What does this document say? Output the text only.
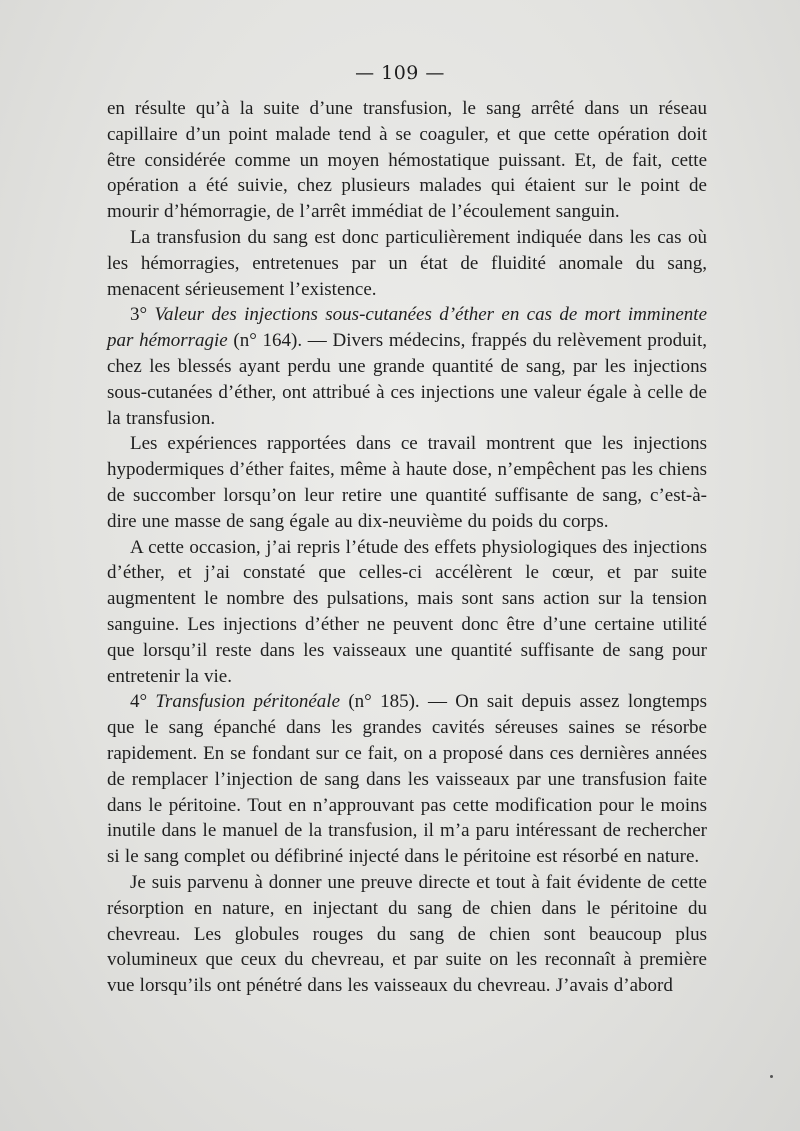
— 109 —

en résulte qu’à la suite d’une transfusion, le sang arrêté dans un réseau capillaire d’un point malade tend à se coaguler, et que cette opération doit être considérée comme un moyen hémostatique puissant. Et, de fait, cette opération a été suivie, chez plusieurs malades qui étaient sur le point de mourir d’hémorragie, de l’arrêt immédiat de l’écoulement sanguin.

La transfusion du sang est donc particulièrement indiquée dans les cas où les hémorragies, entretenues par un état de fluidité anomale du sang, menacent sérieusement l’existence.

3° Valeur des injections sous-cutanées d’éther en cas de mort imminente par hémorragie (n° 164). — Divers médecins, frappés du relèvement produit, chez les blessés ayant perdu une grande quantité de sang, par les injections sous-cutanées d’éther, ont attribué à ces injections une valeur égale à celle de la transfusion.

Les expériences rapportées dans ce travail montrent que les injections hypodermiques d’éther faites, même à haute dose, n’empêchent pas les chiens de succomber lorsqu’on leur retire une quantité suffisante de sang, c’est-à-dire une masse de sang égale au dix-neuvième du poids du corps.

A cette occasion, j’ai repris l’étude des effets physiologiques des injections d’éther, et j’ai constaté que celles-ci accélèrent le cœur, et par suite augmentent le nombre des pulsations, mais sont sans action sur la tension sanguine. Les injections d’éther ne peuvent donc être d’une certaine utilité que lorsqu’il reste dans les vaisseaux une quantité suffisante de sang pour entretenir la vie.

4° Transfusion péritonéale (n° 185). — On sait depuis assez longtemps que le sang épanché dans les grandes cavités séreuses saines se résorbe rapidement. En se fondant sur ce fait, on a proposé dans ces dernières années de remplacer l’injection de sang dans les vaisseaux par une transfusion faite dans le péritoine. Tout en n’approuvant pas cette modification pour le moins inutile dans le manuel de la transfusion, il m’a paru intéressant de rechercher si le sang complet ou défibriné injecté dans le péritoine est résorbé en nature.

Je suis parvenu à donner une preuve directe et tout à fait évidente de cette résorption en nature, en injectant du sang de chien dans le péritoine du chevreau. Les globules rouges du sang de chien sont beaucoup plus volumineux que ceux du chevreau, et par suite on les reconnaît à première vue lorsqu’ils ont pénétré dans les vaisseaux du chevreau. J’avais d’abord
